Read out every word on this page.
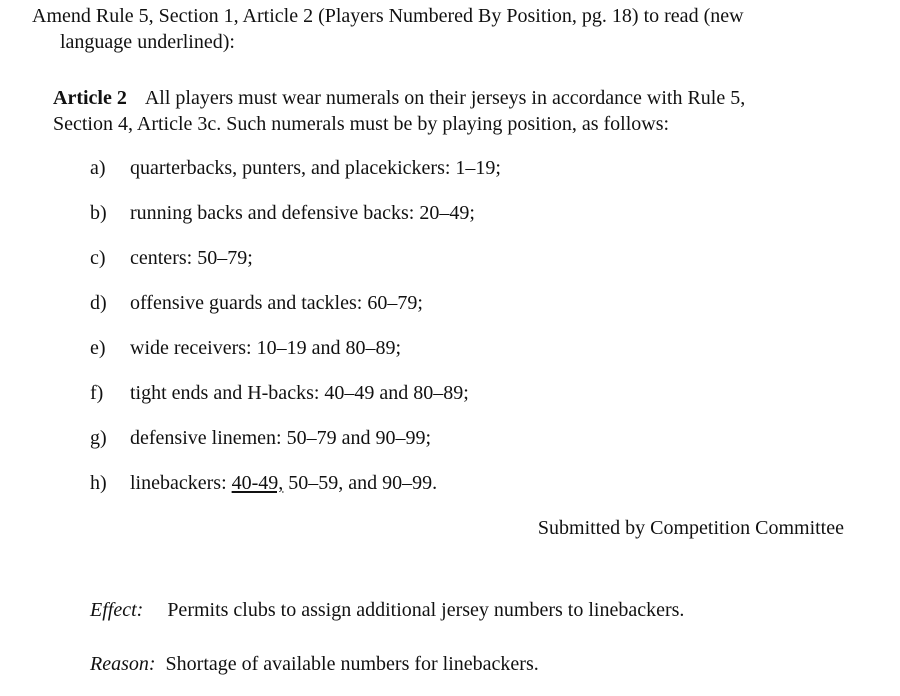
Amend Rule 5, Section 1, Article 2 (Players Numbered By Position, pg. 18) to read (new
language underlined):
Article 2 All players must wear numerals on their jerseys in accordance with Rule 5,
Section 4, Article 3c. Such numerals must be by playing position, as follows:
a)	quarterbacks, punters, and placekickers: 1–19;
b)	running backs and defensive backs: 20–49;
c)	centers: 50–79;
d)	offensive guards and tackles: 60–79;
e)	wide receivers: 10–19 and 80–89;
f)	tight ends and H-backs: 40–49 and 80–89;
g)	defensive linemen: 50–79 and 90–99;
h)	linebackers: 40-49, 50–59, and 90–99.
Submitted by Competition Committee
Effect: Permits clubs to assign additional jersey numbers to linebackers.
Reason: Shortage of available numbers for linebackers.
